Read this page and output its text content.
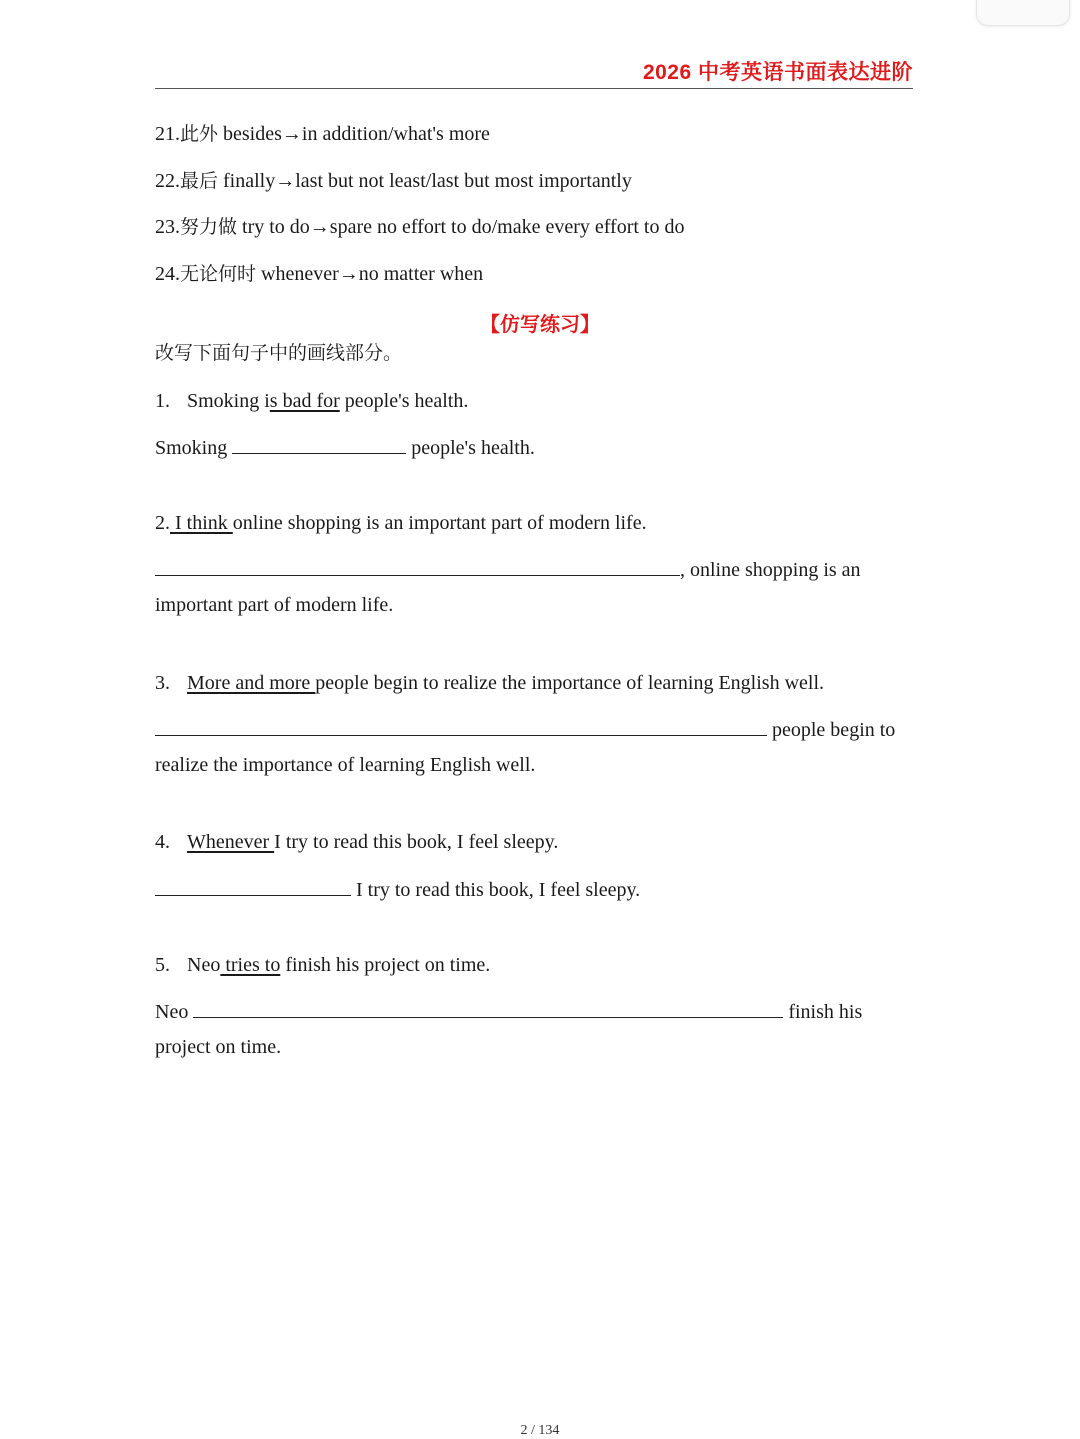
2026 中考英语书面表达进阶
21.此外 besides→in addition/what's more
22.最后 finally→last but not least/last but most importantly
23.努力做 try to do→spare no effort to do/make every effort to do
24.无论何时 whenever→no matter when
【仿写练习】
改写下面句子中的画线部分。
1. Smoking is bad for people's health.
Smoking	people's health.
2. I think online shopping is an important part of modern life.
, online shopping is an
important part of modern life.
3. More and more people begin to realize the importance of learning English well.
people begin to
realize the importance of learning English well.
4. Whenever I try to read this book, I feel sleepy.
I try to read this book, I feel sleepy.
5. Neo tries to finish his project on time.
Neo	finish his
project on time.
2 / 134
